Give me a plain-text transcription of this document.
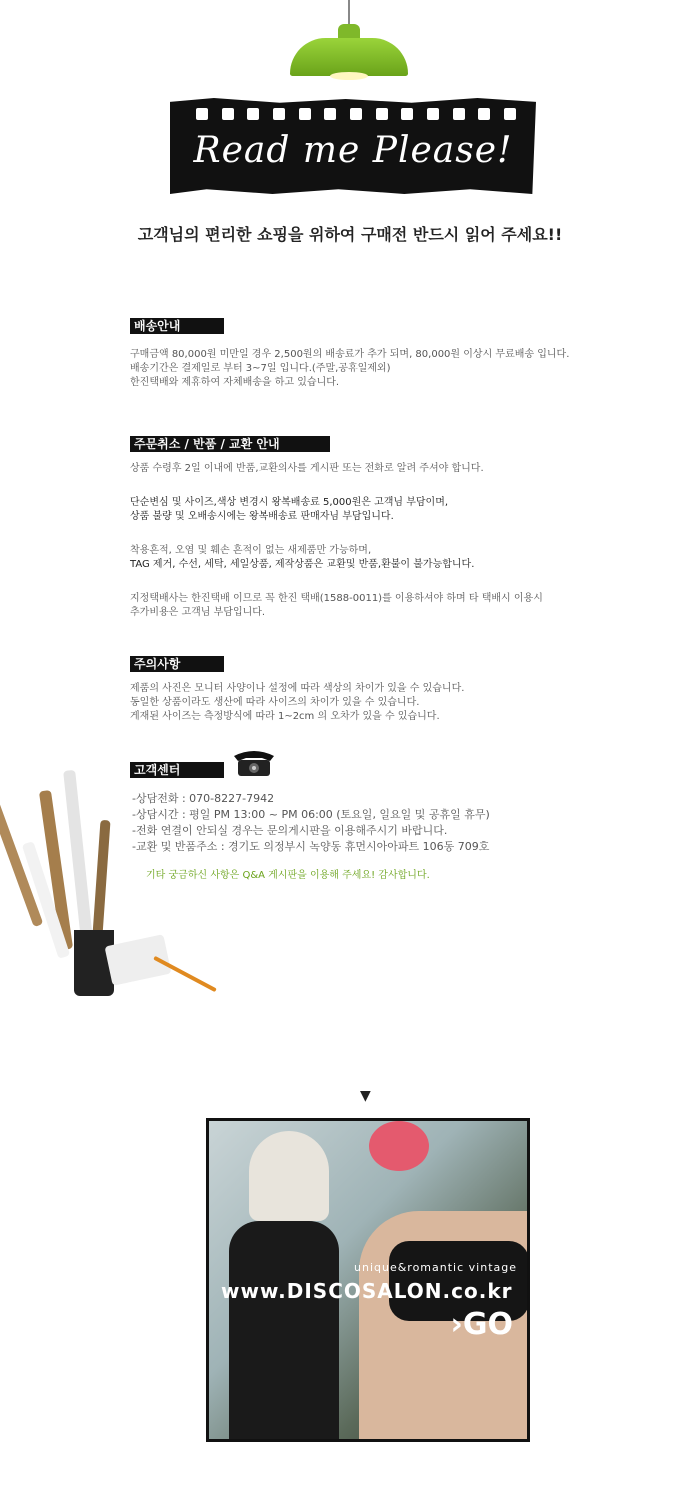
Read me Please!
고객님의 편리한 쇼핑을 위하여 구매전 반드시 읽어 주세요!!
배송안내
구매금액 80,000원 미만일 경우 2,500원의 배송료가 추가 되며, 80,000원 이상시 무료배송 입니다.
배송기간은 결제일로 부터 3~7일 입니다.(주말,공휴일제외)
한진택배와 제휴하여 자체배송을 하고 있습니다.
주문취소 / 반품 / 교환 안내
상품 수령후 2일 이내에 반품,교환의사를 게시판 또는 전화로 알려 주셔야 합니다.
단순변심 및 사이즈,색상 변경시 왕복배송료 5,000원은 고객님 부담이며,
상품 불량 및 오배송시에는 왕복배송료 판매자님 부담입니다.
착용흔적, 오염 및 훼손 흔적이 없는 새제품만 가능하며,
TAG 제거, 수선, 세탁, 세일상품, 제작상품은 교환및 반품,환불이 불가능합니다.
지정택배사는 한진택배 이므로 꼭 한진 택배(1588-0011)를 이용하셔야 하며 타 택배시 이용시
추가비용은 고객님 부담입니다.
주의사항
제품의 사진은 모니터 사양이나 설정에 따라 색상의 차이가 있을 수 있습니다.
동일한 상품이라도 생산에 따라 사이즈의 차이가 있을 수 있습니다.
게재된 사이즈는 측정방식에 따라 1~2cm 의 오차가 있을 수 있습니다.
고객센터
-상담전화 : 070-8227-7942
-상담시간 : 평일 PM 13:00 ~ PM 06:00 (토요일, 일요일 및 공휴일 휴무)
-전화 연결이 안되실 경우는 문의게시판을 이용해주시기 바랍니다.
-교환 및 반품주소 : 경기도 의정부시 녹양동 휴먼시아아파트 106동 709호
기타 궁금하신 사항은 Q&A 게시판을 이용해 주세요! 감사합니다.
▼
unique&romantic vintage
www.DISCOSALON.co.kr
›GO
